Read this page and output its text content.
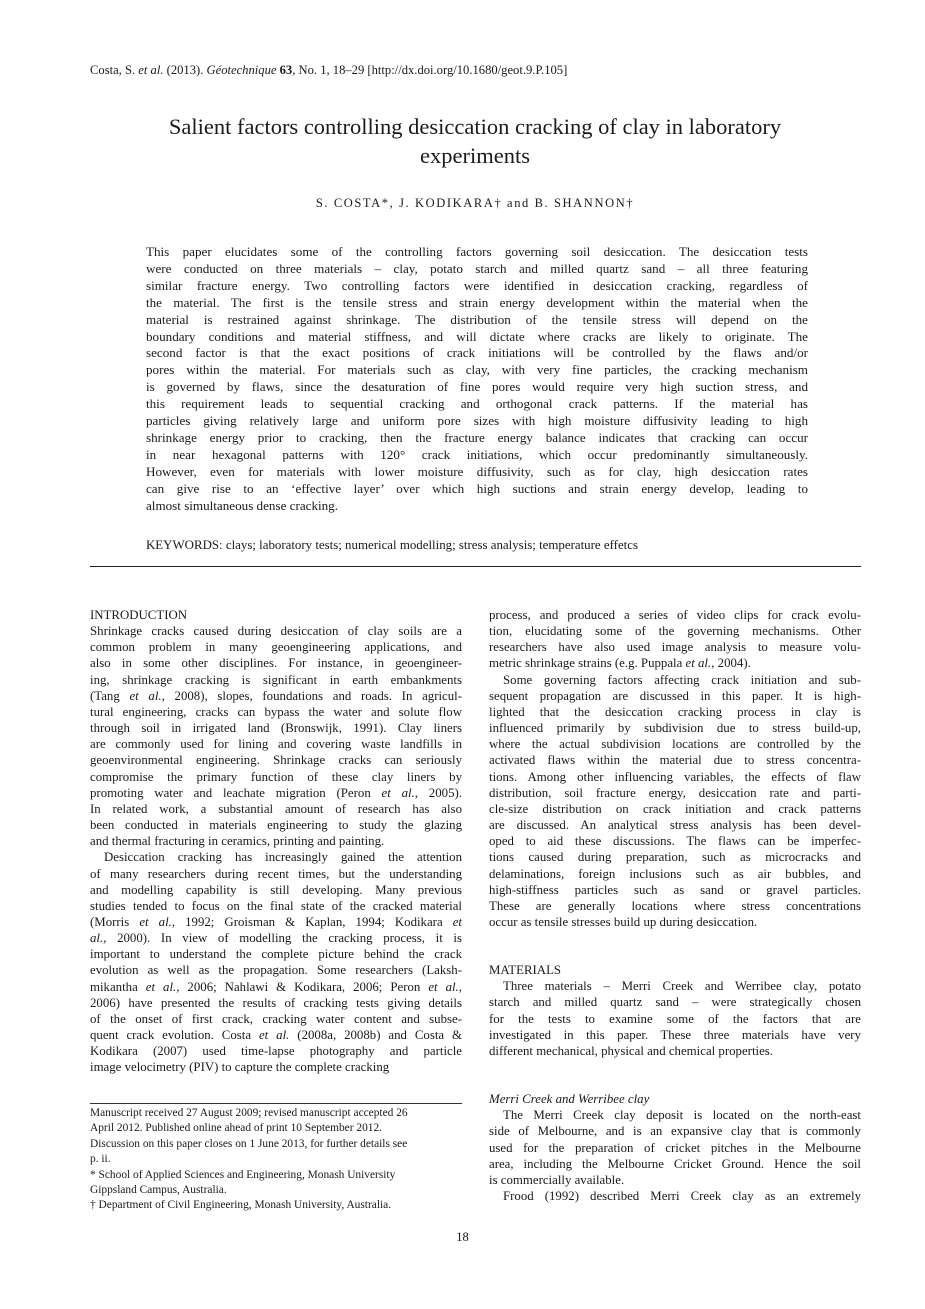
Costa, S. et al. (2013). Géotechnique 63, No. 1, 18–29 [http://dx.doi.org/10.1680/geot.9.P.105]
Salient factors controlling desiccation cracking of clay in laboratory
experiments
S. COSTA*, J. KODIKARA† and B. SHANNON†
This paper elucidates some of the controlling factors governing soil desiccation. The desiccation tests
were conducted on three materials – clay, potato starch and milled quartz sand – all three featuring
similar fracture energy. Two controlling factors were identified in desiccation cracking, regardless of
the material. The first is the tensile stress and strain energy development within the material when the
material is restrained against shrinkage. The distribution of the tensile stress will depend on the
boundary conditions and material stiffness, and will dictate where cracks are likely to originate. The
second factor is that the exact positions of crack initiations will be controlled by the flaws and/or
pores within the material. For materials such as clay, with very fine particles, the cracking mechanism
is governed by flaws, since the desaturation of fine pores would require very high suction stress, and
this requirement leads to sequential cracking and orthogonal crack patterns. If the material has
particles giving relatively large and uniform pore sizes with high moisture diffusivity leading to high
shrinkage energy prior to cracking, then the fracture energy balance indicates that cracking can occur
in near hexagonal patterns with 120° crack initiations, which occur predominantly simultaneously.
However, even for materials with lower moisture diffusivity, such as for clay, high desiccation rates
can give rise to an ‘effective layer’ over which high suctions and strain energy develop, leading to
almost simultaneous dense cracking.
KEYWORDS: clays; laboratory tests; numerical modelling; stress analysis; temperature effetcs
INTRODUCTION
Shrinkage cracks caused during desiccation of clay soils are a
common problem in many geoengineering applications, and
also in some other disciplines. For instance, in geoengineer-
ing, shrinkage cracking is significant in earth embankments
(Tang et al., 2008), slopes, foundations and roads. In agricul-
tural engineering, cracks can bypass the water and solute flow
through soil in irrigated land (Bronswijk, 1991). Clay liners
are commonly used for lining and covering waste landfills in
geoenvironmental engineering. Shrinkage cracks can seriously
compromise the primary function of these clay liners by
promoting water and leachate migration (Peron et al., 2005).
In related work, a substantial amount of research has also
been conducted in materials engineering to study the glazing
and thermal fracturing in ceramics, printing and painting.
Desiccation cracking has increasingly gained the attention
of many researchers during recent times, but the understanding
and modelling capability is still developing. Many previous
studies tended to focus on the final state of the cracked material
(Morris et al., 1992; Groisman & Kaplan, 1994; Kodikara et
al., 2000). In view of modelling the cracking process, it is
important to understand the complete picture behind the crack
evolution as well as the propagation. Some researchers (Laksh-
mikantha et al., 2006; Nahlawi & Kodikara, 2006; Peron et al.,
2006) have presented the results of cracking tests giving details
of the onset of first crack, cracking water content and subse-
quent crack evolution. Costa et al. (2008a, 2008b) and Costa &
Kodikara (2007) used time-lapse photography and particle
image velocimetry (PIV) to capture the complete cracking
Manuscript received 27 August 2009; revised manuscript accepted 26
April 2012. Published online ahead of print 10 September 2012.
Discussion on this paper closes on 1 June 2013, for further details see
p. ii.
* School of Applied Sciences and Engineering, Monash University
Gippsland Campus, Australia.
† Department of Civil Engineering, Monash University, Australia.
process, and produced a series of video clips for crack evolu-
tion, elucidating some of the governing mechanisms. Other
researchers have also used image analysis to measure volu-
metric shrinkage strains (e.g. Puppala et al., 2004).
Some governing factors affecting crack initiation and sub-
sequent propagation are discussed in this paper. It is high-
lighted that the desiccation cracking process in clay is
influenced primarily by subdivision due to stress build-up,
where the actual subdivision locations are controlled by the
activated flaws within the material due to stress concentra-
tions. Among other influencing variables, the effects of flaw
distribution, soil fracture energy, desiccation rate and parti-
cle-size distribution on crack initiation and crack patterns
are discussed. An analytical stress analysis has been devel-
oped to aid these discussions. The flaws can be imperfec-
tions caused during preparation, such as microcracks and
delaminations, foreign inclusions such as air bubbles, and
high-stiffness particles such as sand or gravel particles.
These are generally locations where stress concentrations
occur as tensile stresses build up during desiccation.
MATERIALS
Three materials – Merri Creek and Werribee clay, potato
starch and milled quartz sand – were strategically chosen
for the tests to examine some of the factors that are
investigated in this paper. These three materials have very
different mechanical, physical and chemical properties.
Merri Creek and Werribee clay
The Merri Creek clay deposit is located on the north-east
side of Melbourne, and is an expansive clay that is commonly
used for the preparation of cricket pitches in the Melbourne
area, including the Melbourne Cricket Ground. Hence the soil
is commercially available.
Frood (1992) described Merri Creek clay as an extremely
18
